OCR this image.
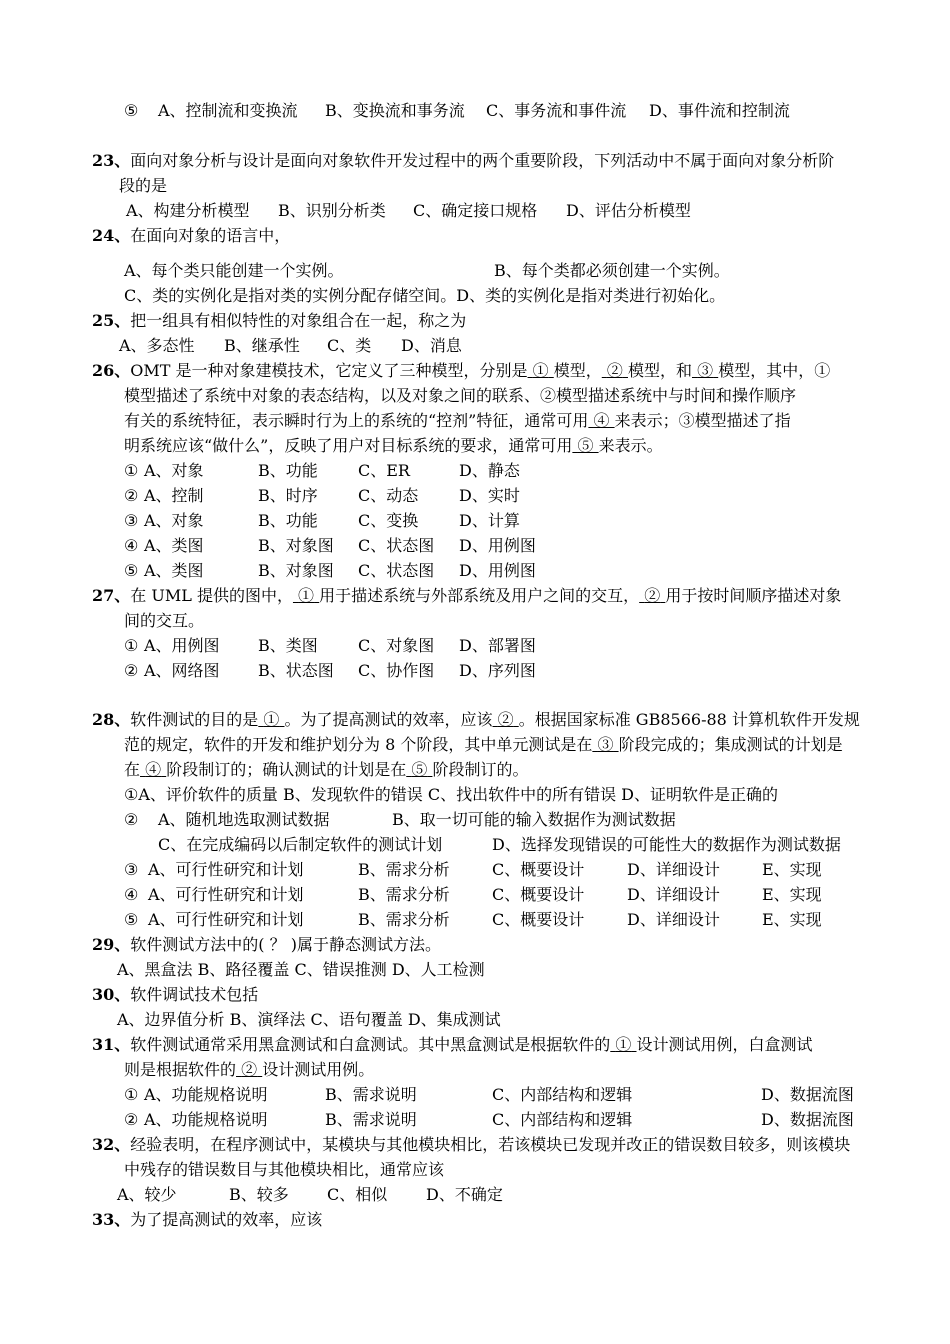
⑤ A、控制流和变换流 B、变换流和事务流 C、事务流和事件流 D、事件流和控制流
23、面向对象分析与设计是面向对象软件开发过程中的两个重要阶段，下列活动中不属于面向对象分析阶
段的是
A、构建分析模型 B、识别分析类 C、确定接口规格 D、评估分析模型
24、在面向对象的语言中，
A、每个类只能创建一个实例。	B、每个类都必须创建一个实例。
C、类的实例化是指对类的实例分配存储空间。D、类的实例化是指对类进行初始化。
25、把一组具有相似特性的对象组合在一起，称之为
A、多态性 B、继承性 C、类 D、消息
26、OMT 是一种对象建模技术，它定义了三种模型，分别是 ① 模型， ② 模型，和 ③ 模型，其中，①
模型描述了系统中对象的表态结构，以及对象之间的联系、②模型描述系统中与时间和操作顺序
有关的系统特征，表示瞬时行为上的系统的“控剂”特征，通常可用 ④ 来表示；③模型描述了指
明系统应该“做什么”，反映了用户对目标系统的要求，通常可用 ⑤ 来表示。
① A、对象	B、功能	C、ER	D、静态
② A、控制	B、时序	C、动态	D、实时
③ A、对象	B、功能	C、变换	D、计算
④ A、类图	B、对象图 C、状态图 D、用例图
⑤ A、类图	B、对象图 C、状态图 D、用例图
27、在 UML 提供的图中， ① 用于描述系统与外部系统及用户之间的交互， ② 用于按时间顺序描述对象
间的交互。
① A、用例图 B、类图	C、对象图 D、部署图
② A、网络图 B、状态图 C、协作图 D、序列图
28、软件测试的目的是 ① 。为了提高测试的效率，应该 ② 。根据国家标准 GB8566-88 计算机软件开发规
范的规定，软件的开发和维护划分为 8 个阶段，其中单元测试是在 ③ 阶段完成的；集成测试的计划是
在 ④ 阶段制订的；确认测试的计划是在 ⑤ 阶段制订的。
①A、评价软件的质量 B、发现软件的错误 C、找出软件中的所有错误 D、证明软件是正确的
② A、随机地选取测试数据	B、取一切可能的输入数据作为测试数据
C、在完成编码以后制定软件的测试计划	D、选择发现错误的可能性大的数据作为测试数据
③ A、可行性研究和计划	B、需求分析	C、概要设计	D、详细设计	E、实现
④ A、可行性研究和计划	B、需求分析	C、概要设计	D、详细设计	E、实现
⑤ A、可行性研究和计划	B、需求分析	C、概要设计	D、详细设计	E、实现
29、软件测试方法中的( ？ )属于静态测试方法。
A、黑盒法 B、路径覆盖 C、错误推测 D、人工检测
30、软件调试技术包括
A、边界值分析 B、演绎法 C、语句覆盖 D、集成测试
31、软件测试通常采用黑盒测试和白盒测试。其中黑盒测试是根据软件的 ① 设计测试用例，白盒测试
则是根据软件的 ② 设计测试用例。
① A、功能规格说明	B、需求说明	C、内部结构和逻辑	D、数据流图
② A、功能规格说明	B、需求说明	C、内部结构和逻辑	D、数据流图
32、经验表明，在程序测试中，某模块与其他模块相比，若该模块已发现并改正的错误数目较多，则该模块
中残存的错误数目与其他模块相比，通常应该
A、较少	B、较多 C、相似 D、不确定
33、为了提高测试的效率，应该
